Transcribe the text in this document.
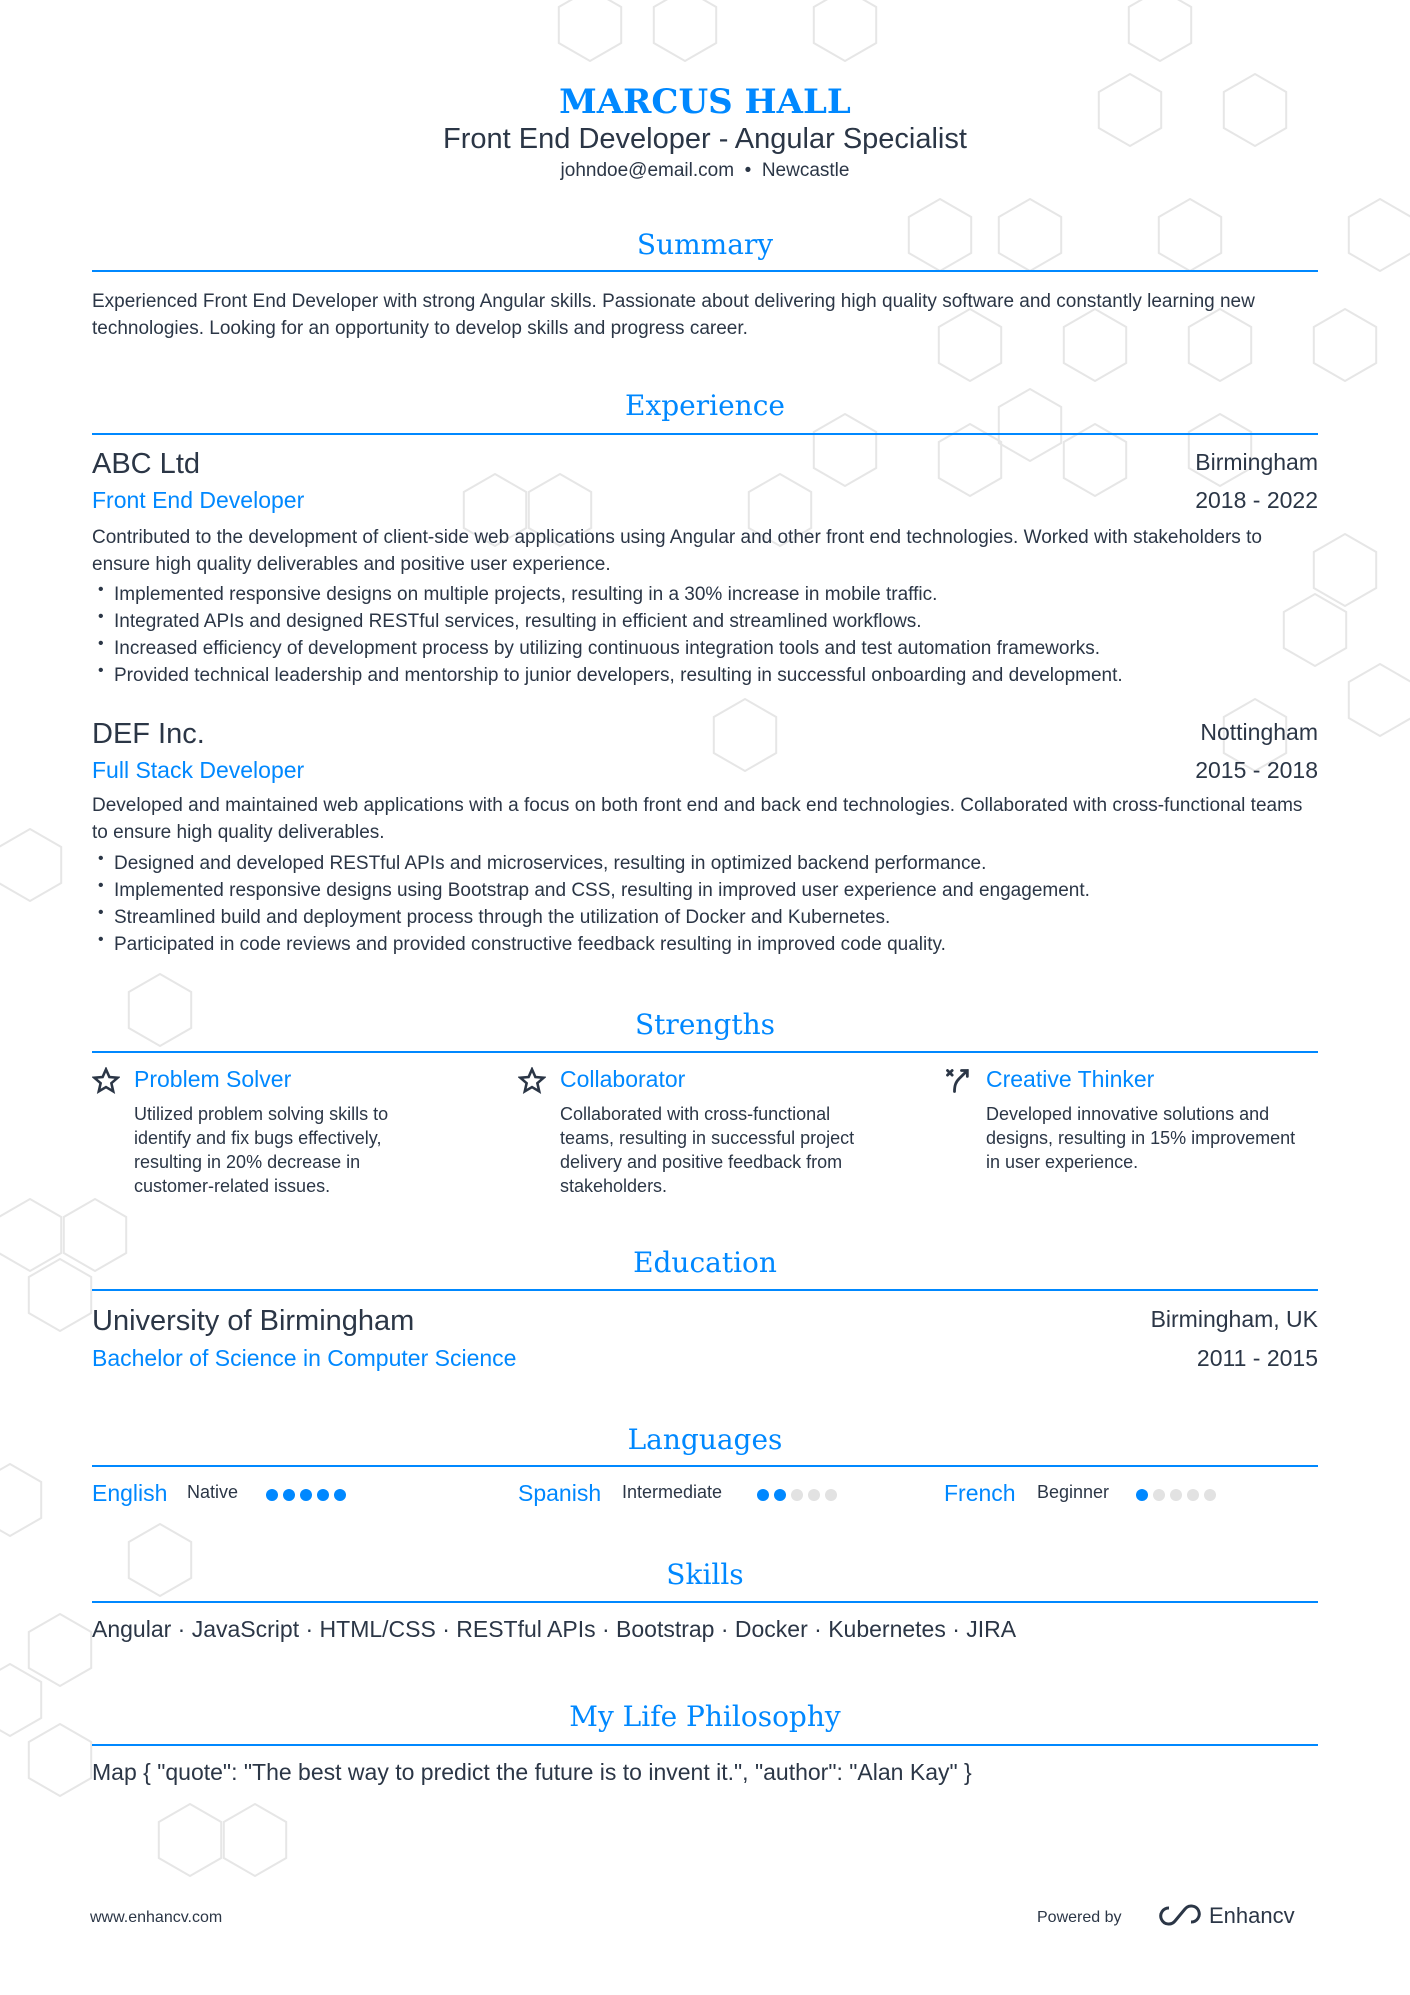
MARCUS HALL
Front End Developer - Angular Specialist
johndoe@email.com • Newcastle
Summary
Experienced Front End Developer with strong Angular skills. Passionate about delivering high quality software and constantly learning new technologies. Looking for an opportunity to develop skills and progress career.
Experience
ABC Ltd	Birmingham
Front End Developer	2018 - 2022
Contributed to the development of client-side web applications using Angular and other front end technologies. Worked with stakeholders to ensure high quality deliverables and positive user experience.
• Implemented responsive designs on multiple projects, resulting in a 30% increase in mobile traffic.
• Integrated APIs and designed RESTful services, resulting in efficient and streamlined workflows.
• Increased efficiency of development process by utilizing continuous integration tools and test automation frameworks.
• Provided technical leadership and mentorship to junior developers, resulting in successful onboarding and development.
DEF Inc.	Nottingham
Full Stack Developer	2015 - 2018
Developed and maintained web applications with a focus on both front end and back end technologies. Collaborated with cross-functional teams to ensure high quality deliverables.
• Designed and developed RESTful APIs and microservices, resulting in optimized backend performance.
• Implemented responsive designs using Bootstrap and CSS, resulting in improved user experience and engagement.
• Streamlined build and deployment process through the utilization of Docker and Kubernetes.
• Participated in code reviews and provided constructive feedback resulting in improved code quality.
Strengths
Problem Solver
Utilized problem solving skills to identify and fix bugs effectively, resulting in 20% decrease in customer-related issues.
Collaborator
Collaborated with cross-functional teams, resulting in successful project delivery and positive feedback from stakeholders.
Creative Thinker
Developed innovative solutions and designs, resulting in 15% improvement in user experience.
Education
University of Birmingham	Birmingham, UK
Bachelor of Science in Computer Science	2011 - 2015
Languages
English Native	Spanish Intermediate	French Beginner
Skills
Angular · JavaScript · HTML/CSS · RESTful APIs · Bootstrap · Docker · Kubernetes · JIRA
My Life Philosophy
Map { "quote": "The best way to predict the future is to invent it.", "author": "Alan Kay" }
www.enhancv.com	Powered by	Enhancv
